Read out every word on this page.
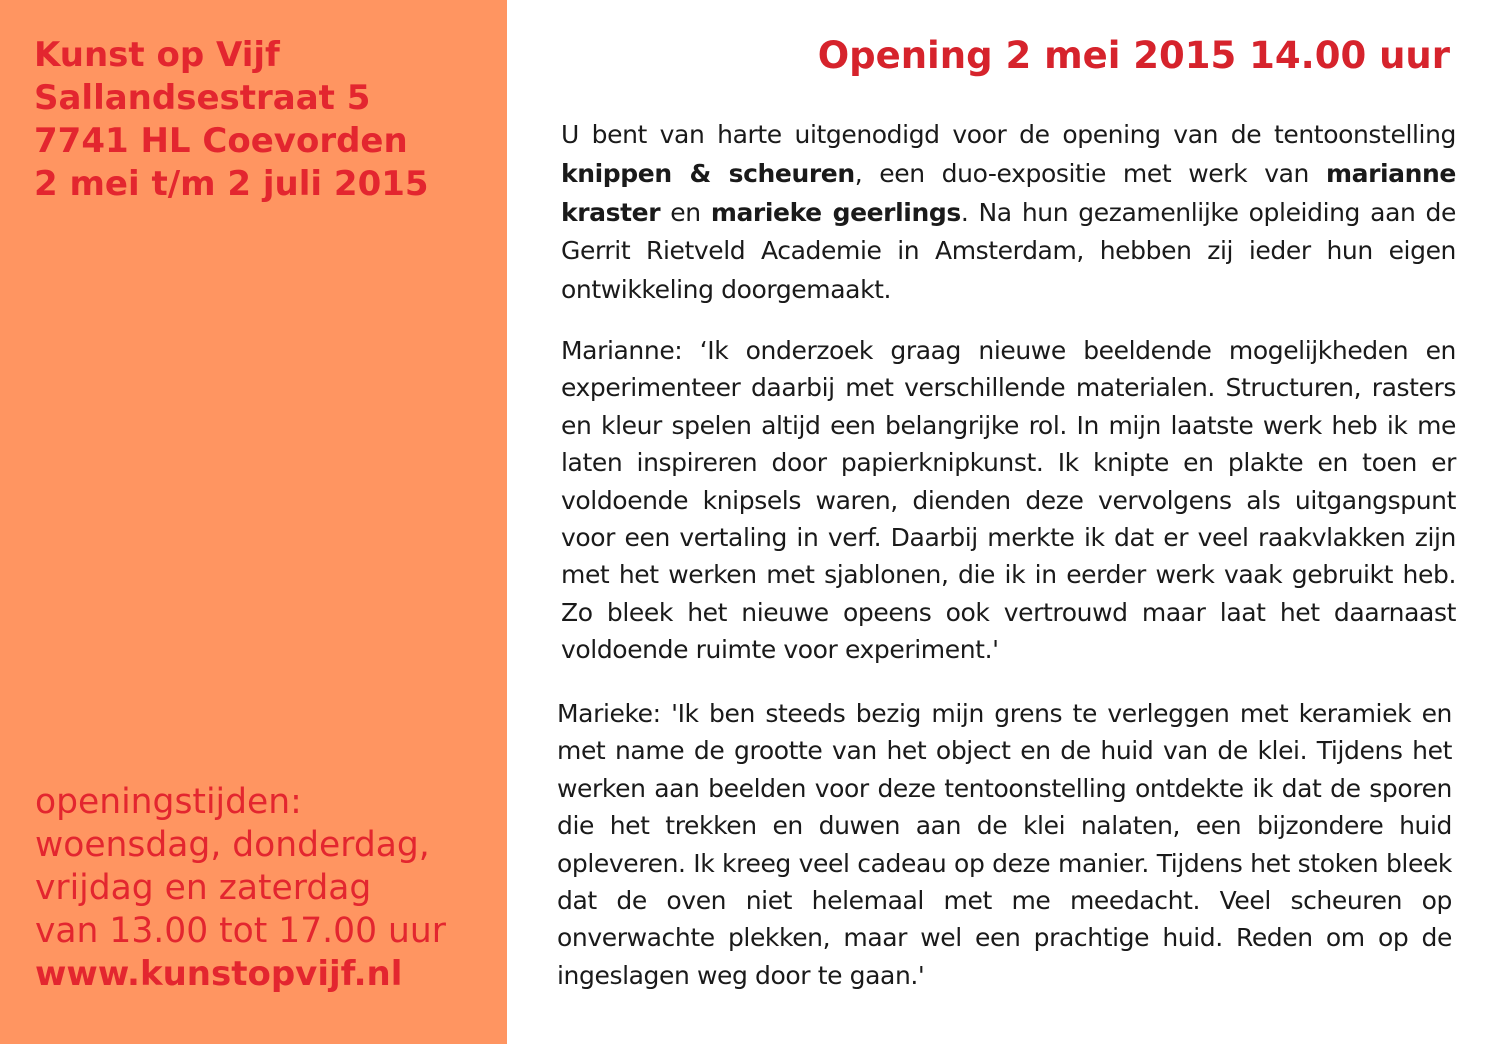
Kunst op Vijf
Sallandsestraat 5
7741 HL Coevorden
2 mei t/m 2 juli 2015
openingstijden:
woensdag, donderdag,
vrijdag en zaterdag
van 13.00 tot 17.00 uur
www.kunstopvijf.nl
Opening 2 mei 2015 14.00 uur
U bent van harte uitgenodigd voor de opening van de tentoonstelling knippen & scheuren, een duo-expositie met werk van marianne kraster en marieke geerlings. Na hun gezamenlijke opleiding aan de Gerrit Rietveld Academie in Amsterdam, hebben zij ieder hun eigen ontwikkeling doorgemaakt.
Marianne: ‘Ik onderzoek graag nieuwe beeldende mogelijkheden en experimenteer daarbij met verschillende materialen. Structuren, rasters en kleur spelen altijd een belangrijke rol. In mijn laatste werk heb ik me laten inspireren door papierknipkunst. Ik knipte en plakte en toen er voldoende knipsels waren, dienden deze vervolgens als uitgangspunt voor een vertaling in verf. Daarbij merkte ik dat er veel raakvlakken zijn met het werken met sjablonen, die ik in eerder werk vaak gebruikt heb. Zo bleek het nieuwe opeens ook vertrouwd maar laat het daarnaast voldoende ruimte voor experiment.'
Marieke: 'Ik ben steeds bezig mijn grens te verleggen met keramiek en met name de grootte van het object en de huid van de klei. Tijdens het werken aan beelden voor deze tentoonstelling ontdekte ik dat de sporen die het trekken en duwen aan de klei nalaten, een bijzondere huid opleveren. Ik kreeg veel cadeau op deze manier. Tijdens het stoken bleek dat de oven niet helemaal met me meedacht. Veel scheuren op onverwachte plekken, maar wel een prachtige huid. Reden om op de ingeslagen weg door te gaan.'
